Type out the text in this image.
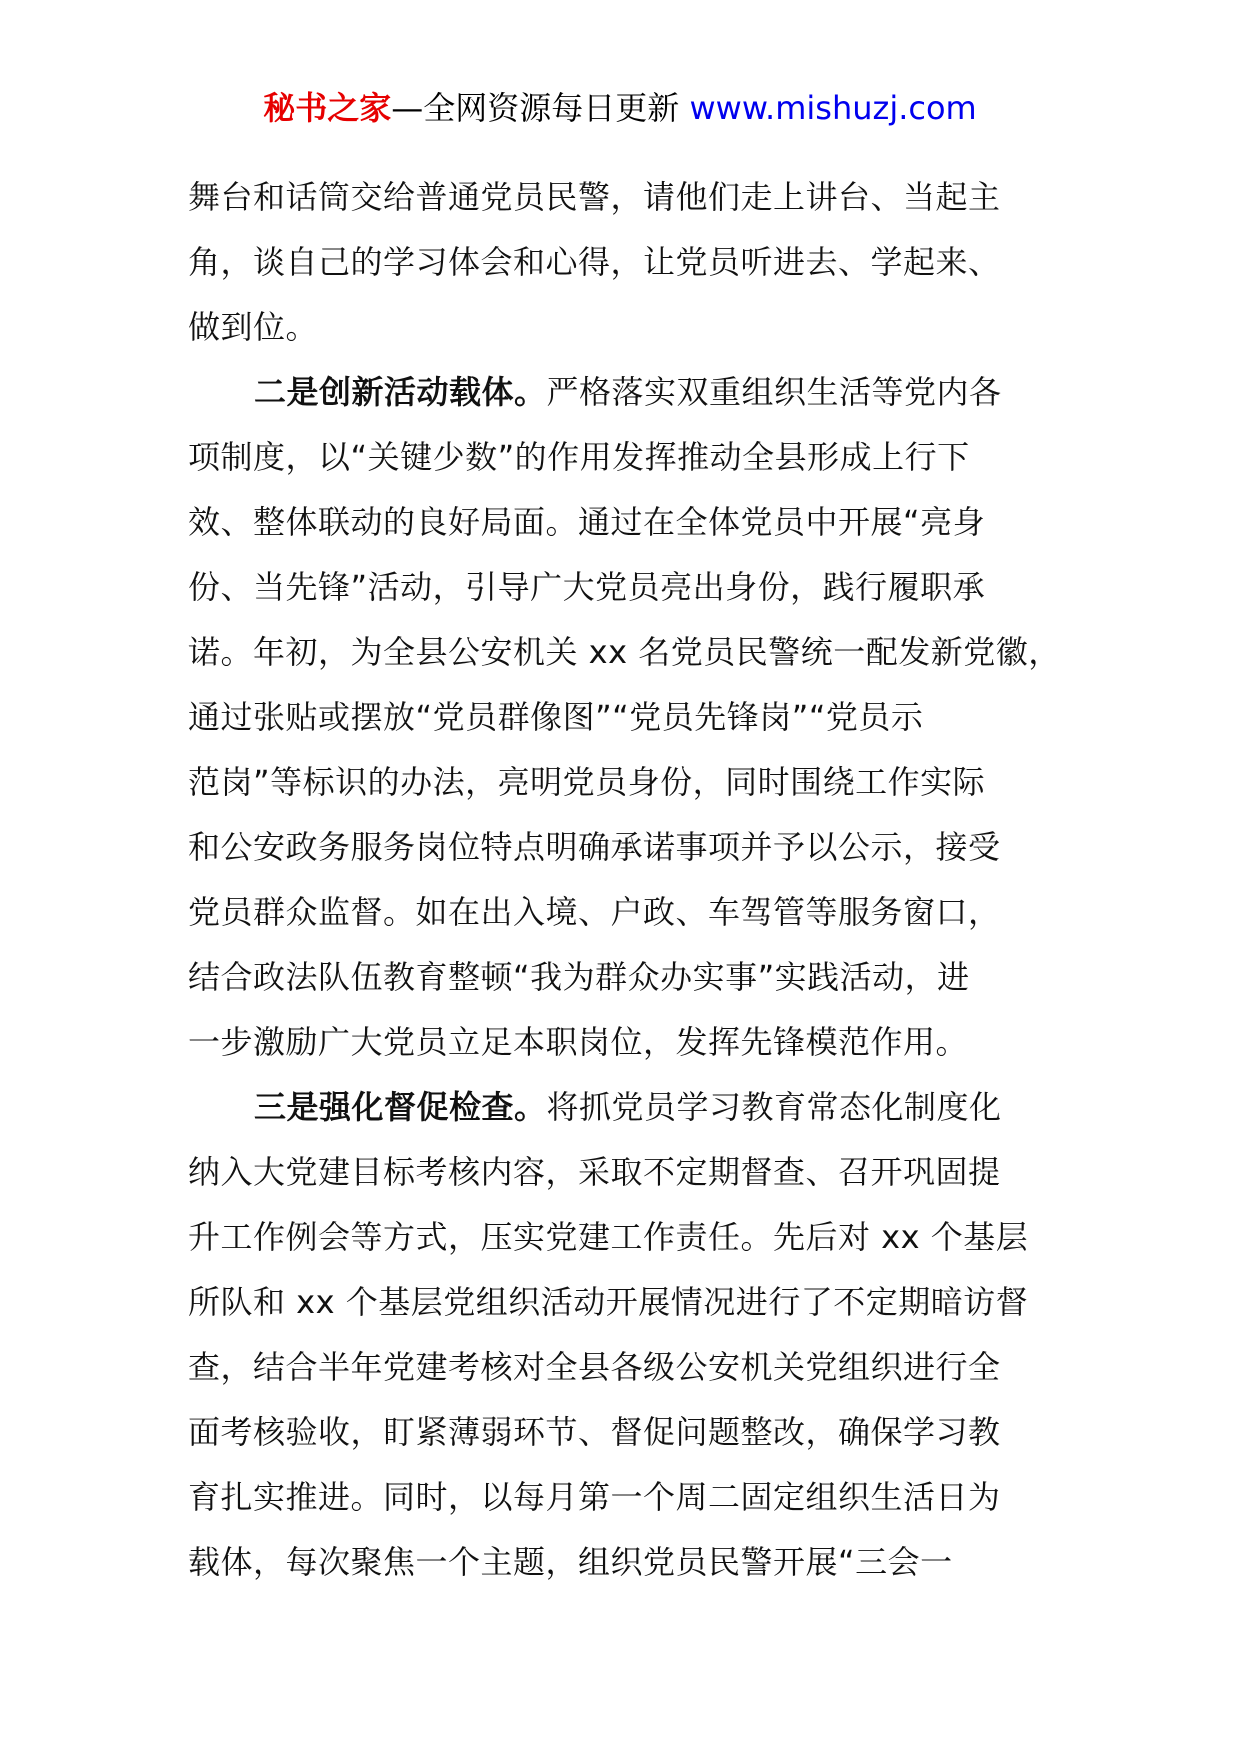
秘书之家—全网资源每日更新 www.mishuzj.com
舞台和话筒交给普通党员民警，请他们走上讲台、当起主
角，谈自己的学习体会和心得，让党员听进去、学起来、
做到位。
二是创新活动载体。严格落实双重组织生活等党内各
项制度，以“关键少数”的作用发挥推动全县形成上行下
效、整体联动的良好局面。通过在全体党员中开展“亮身
份、当先锋”活动，引导广大党员亮出身份，践行履职承
诺。年初，为全县公安机关 xx 名党员民警统一配发新党徽，
通过张贴或摆放“党员群像图”“党员先锋岗”“党员示
范岗”等标识的办法，亮明党员身份，同时围绕工作实际
和公安政务服务岗位特点明确承诺事项并予以公示，接受
党员群众监督。如在出入境、户政、车驾管等服务窗口，
结合政法队伍教育整顿“我为群众办实事”实践活动，进
一步激励广大党员立足本职岗位，发挥先锋模范作用。
三是强化督促检查。将抓党员学习教育常态化制度化
纳入大党建目标考核内容，采取不定期督查、召开巩固提
升工作例会等方式，压实党建工作责任。先后对 xx 个基层
所队和 xx 个基层党组织活动开展情况进行了不定期暗访督
查，结合半年党建考核对全县各级公安机关党组织进行全
面考核验收，盯紧薄弱环节、督促问题整改，确保学习教
育扎实推进。同时，以每月第一个周二固定组织生活日为
载体，每次聚焦一个主题，组织党员民警开展“三会一
